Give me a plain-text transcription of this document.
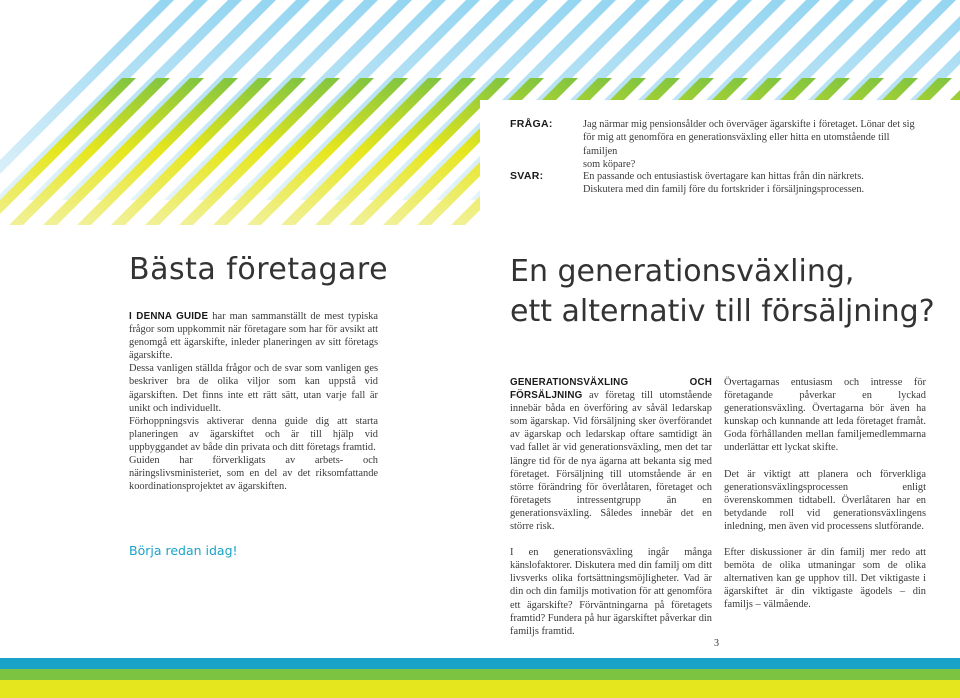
FRÅGA:	Jag närmar mig pensionsålder och överväger ägarskifte i företaget. Lönar det sig
för mig att genomföra en generationsväxling eller hitta en utomstående till familjen
som köpare?
SVAR:	En passande och entusiastisk övertagare kan hittas från din närkrets.
Diskutera med din familj före du fortskrider i försäljningsprocessen.
Bästa företagare

I DENNA GUIDE har man sammanställt de mest typiska frågor som uppkommit när företagare som har för avsikt att genomgå ett ägarskifte, inleder planeringen av sitt företags ägarskifte.

Dessa vanligen ställda frågor och de svar som vanligen ges beskriver bra de olika viljor som kan uppstå vid ägarskiften. Det finns inte ett rätt sätt, utan varje fall är unikt och individuellt.

Förhoppningsvis aktiverar denna guide dig att starta planeringen av ägarskiftet och är till hjälp vid uppbyggandet av både din privata och ditt företags framtid.

Guiden har förverkligats av arbets- och näringslivsministeriet, som en del av det riksomfattande koordinationsprojektet av ägarskiften.

Börja redan idag!
En generationsväxling,
ett alternativ till försäljning?

GENERATIONSVÄXLING OCH FÖRSÄLJNING av företag till utomstående innebär båda en överföring av såväl ledarskap som ägarskap. Vid försäljning sker överförandet av ägarskap och ledarskap oftare samtidigt än vad fallet är vid generationsväxling, men det tar längre tid för de nya ägarna att bekanta sig med företaget. Försäljning till utomstående är en större förändring för överlåtaren, företaget och företagets intressentgrupp än en generationsväxling. Således innebär det en större risk.

I en generationsväxling ingår många känslofaktorer. Diskutera med din familj om ditt livsverks olika fortsättningsmöjligheter. Vad är din och din familjs motivation för att genomföra ett ägarskifte? Förväntningarna på företagets framtid? Fundera på hur ägarskiftet påverkar din familjs framtid.

Övertagarnas entusiasm och intresse för företagande påverkar en lyckad generationsväxling. Övertagarna bör även ha kunskap och kunnande att leda företaget framåt. Goda förhållanden mellan familjemedlemmarna underlättar ett lyckat skifte.

Det är viktigt att planera och förverkliga generationsväxlingsprocessen enligt överenskommen tidtabell. Överlåtaren har en betydande roll vid generationsväxlingens inledning, men även vid processens slutförande.

Efter diskussioner är din familj mer redo att bemöta de olika utmaningar som de olika alternativen kan ge upphov till. Det viktigaste i ägarskiftet är din viktigaste ägodels – din familjs – välmående.

3
